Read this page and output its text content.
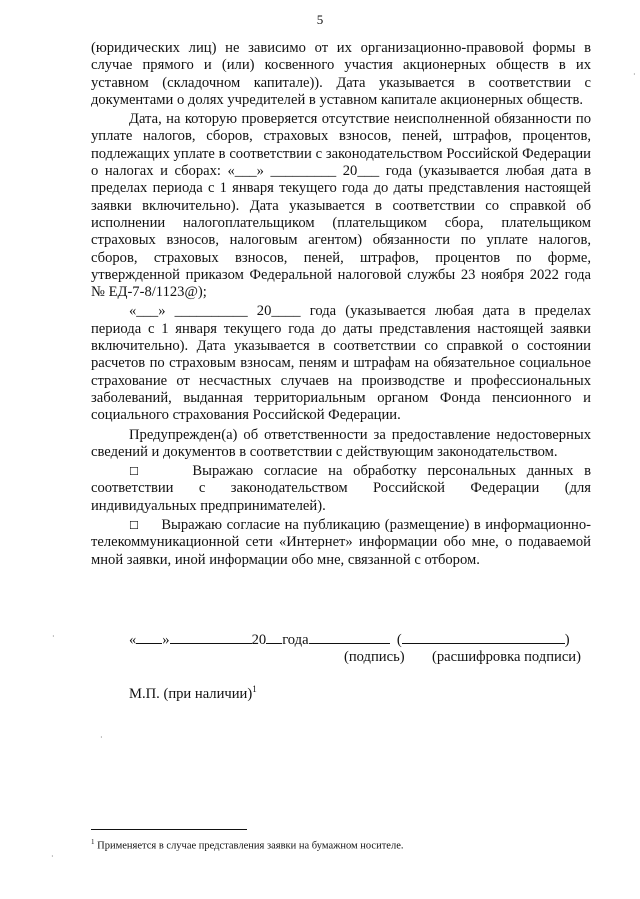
5

(юридических лиц) не зависимо от их организационно-правовой формы в случае прямого и (или) косвенного участия акционерных обществ в их уставном (складочном капитале)). Дата указывается в соответствии с документами о долях учредителей в уставном капитале акционерных обществ.

Дата, на которую проверяется отсутствие неисполненной обязанности по уплате налогов, сборов, страховых взносов, пеней, штрафов, процентов, подлежащих уплате в соответствии с законодательством Российской Федерации о налогах и сборах: «___» _________ 20___ года (указывается любая дата в пределах периода с 1 января текущего года до даты представления настоящей заявки включительно). Дата указывается в соответствии со справкой об исполнении налогоплательщиком (плательщиком сбора, плательщиком страховых взносов, налоговым агентом) обязанности по уплате налогов, сборов, страховых взносов, пеней, штрафов, процентов по форме, утвержденной приказом Федеральной налоговой службы 23 ноября 2022 года № ЕД-7-8/1123@);

«___» __________ 20____ года (указывается любая дата в пределах периода с 1 января текущего года до даты представления настоящей заявки включительно). Дата указывается в соответствии со справкой о состоянии расчетов по страховым взносам, пеням и штрафам на обязательное социальное страхование от несчастных случаев на производстве и профессиональных заболеваний, выданная территориальным органом Фонда пенсионного и социального страхования Российской Федерации.

Предупрежден(а) об ответственности за предоставление недостоверных сведений и документов в соответствии с действующим законодательством.

☐	Выражаю согласие на обработку персональных данных в соответствии с законодательством Российской Федерации (для индивидуальных предпринимателей).

☐ Выражаю согласие на публикацию (размещение) в информационно-телекоммуникационной сети «Интернет» информации обо мне, о подаваемой мной заявки, иной информации обо мне, связанной с отбором.

« »	20 года	(	)
(подпись) (расшифровка подписи)
М.П. (при наличии)$^1$
$^1$ Применяется в случае представления заявки на бумажном носителе.
·
·
·
·
